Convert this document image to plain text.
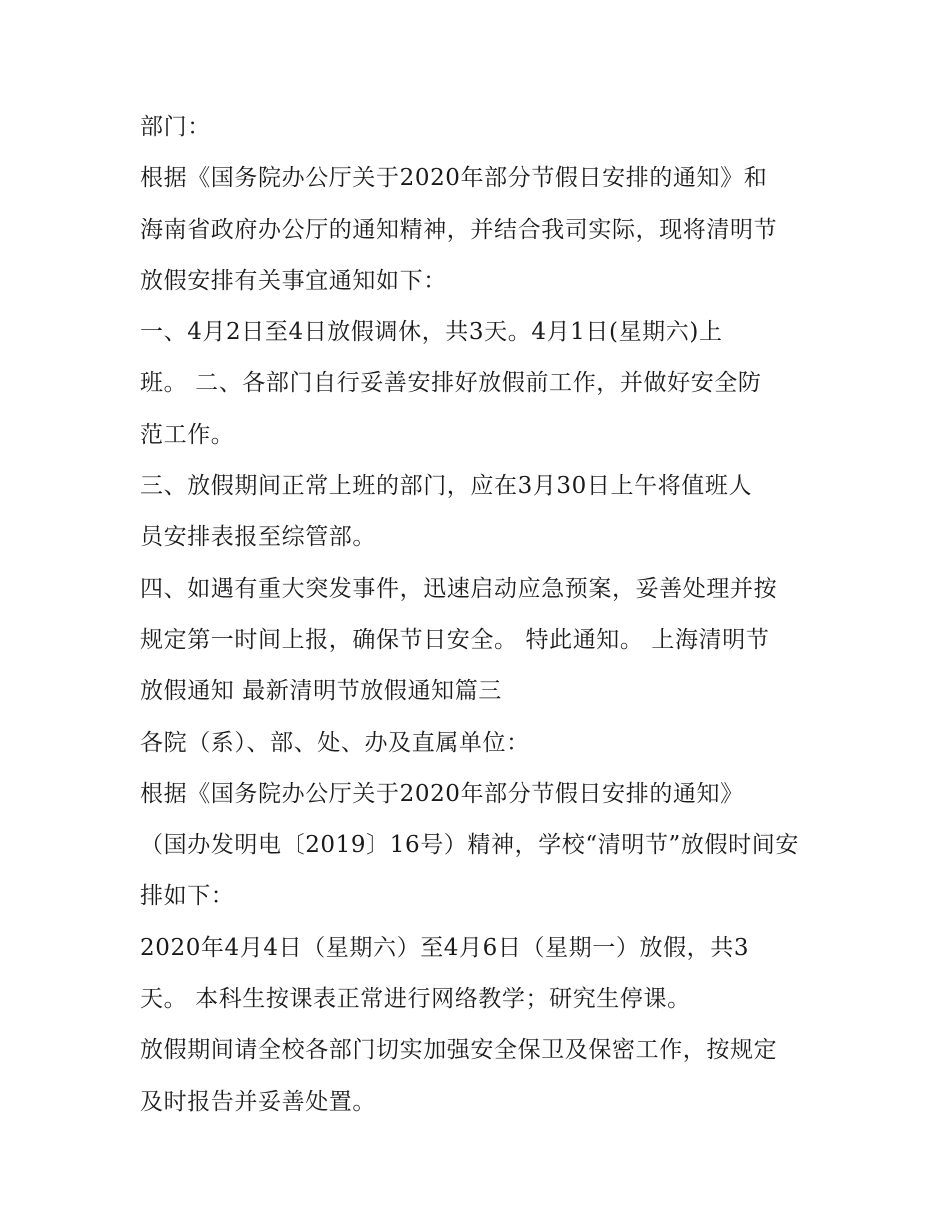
部门：
根据《国务院办公厅关于2020年部分节假日安排的通知》和
海南省政府办公厅的通知精神，并结合我司实际，现将清明节
放假安排有关事宜通知如下：
一、4月2日至4日放假调休，共3天。4月1日(星期六)上
班。 二、各部门自行妥善安排好放假前工作，并做好安全防
范工作。
三、放假期间正常上班的部门，应在3月30日上午将值班人
员安排表报至综管部。
四、如遇有重大突发事件，迅速启动应急预案，妥善处理并按
规定第一时间上报，确保节日安全。 特此通知。 上海清明节
放假通知 最新清明节放假通知篇三
各院（系）、部、处、办及直属单位：
根据《国务院办公厅关于2020年部分节假日安排的通知》
（国办发明电〔2019〕16号）精神，学校“清明节”放假时间安
排如下：
2020年4月4日（星期六）至4月6日（星期一）放假，共3
天。 本科生按课表正常进行网络教学；研究生停课。
放假期间请全校各部门切实加强安全保卫及保密工作，按规定
及时报告并妥善处置。
